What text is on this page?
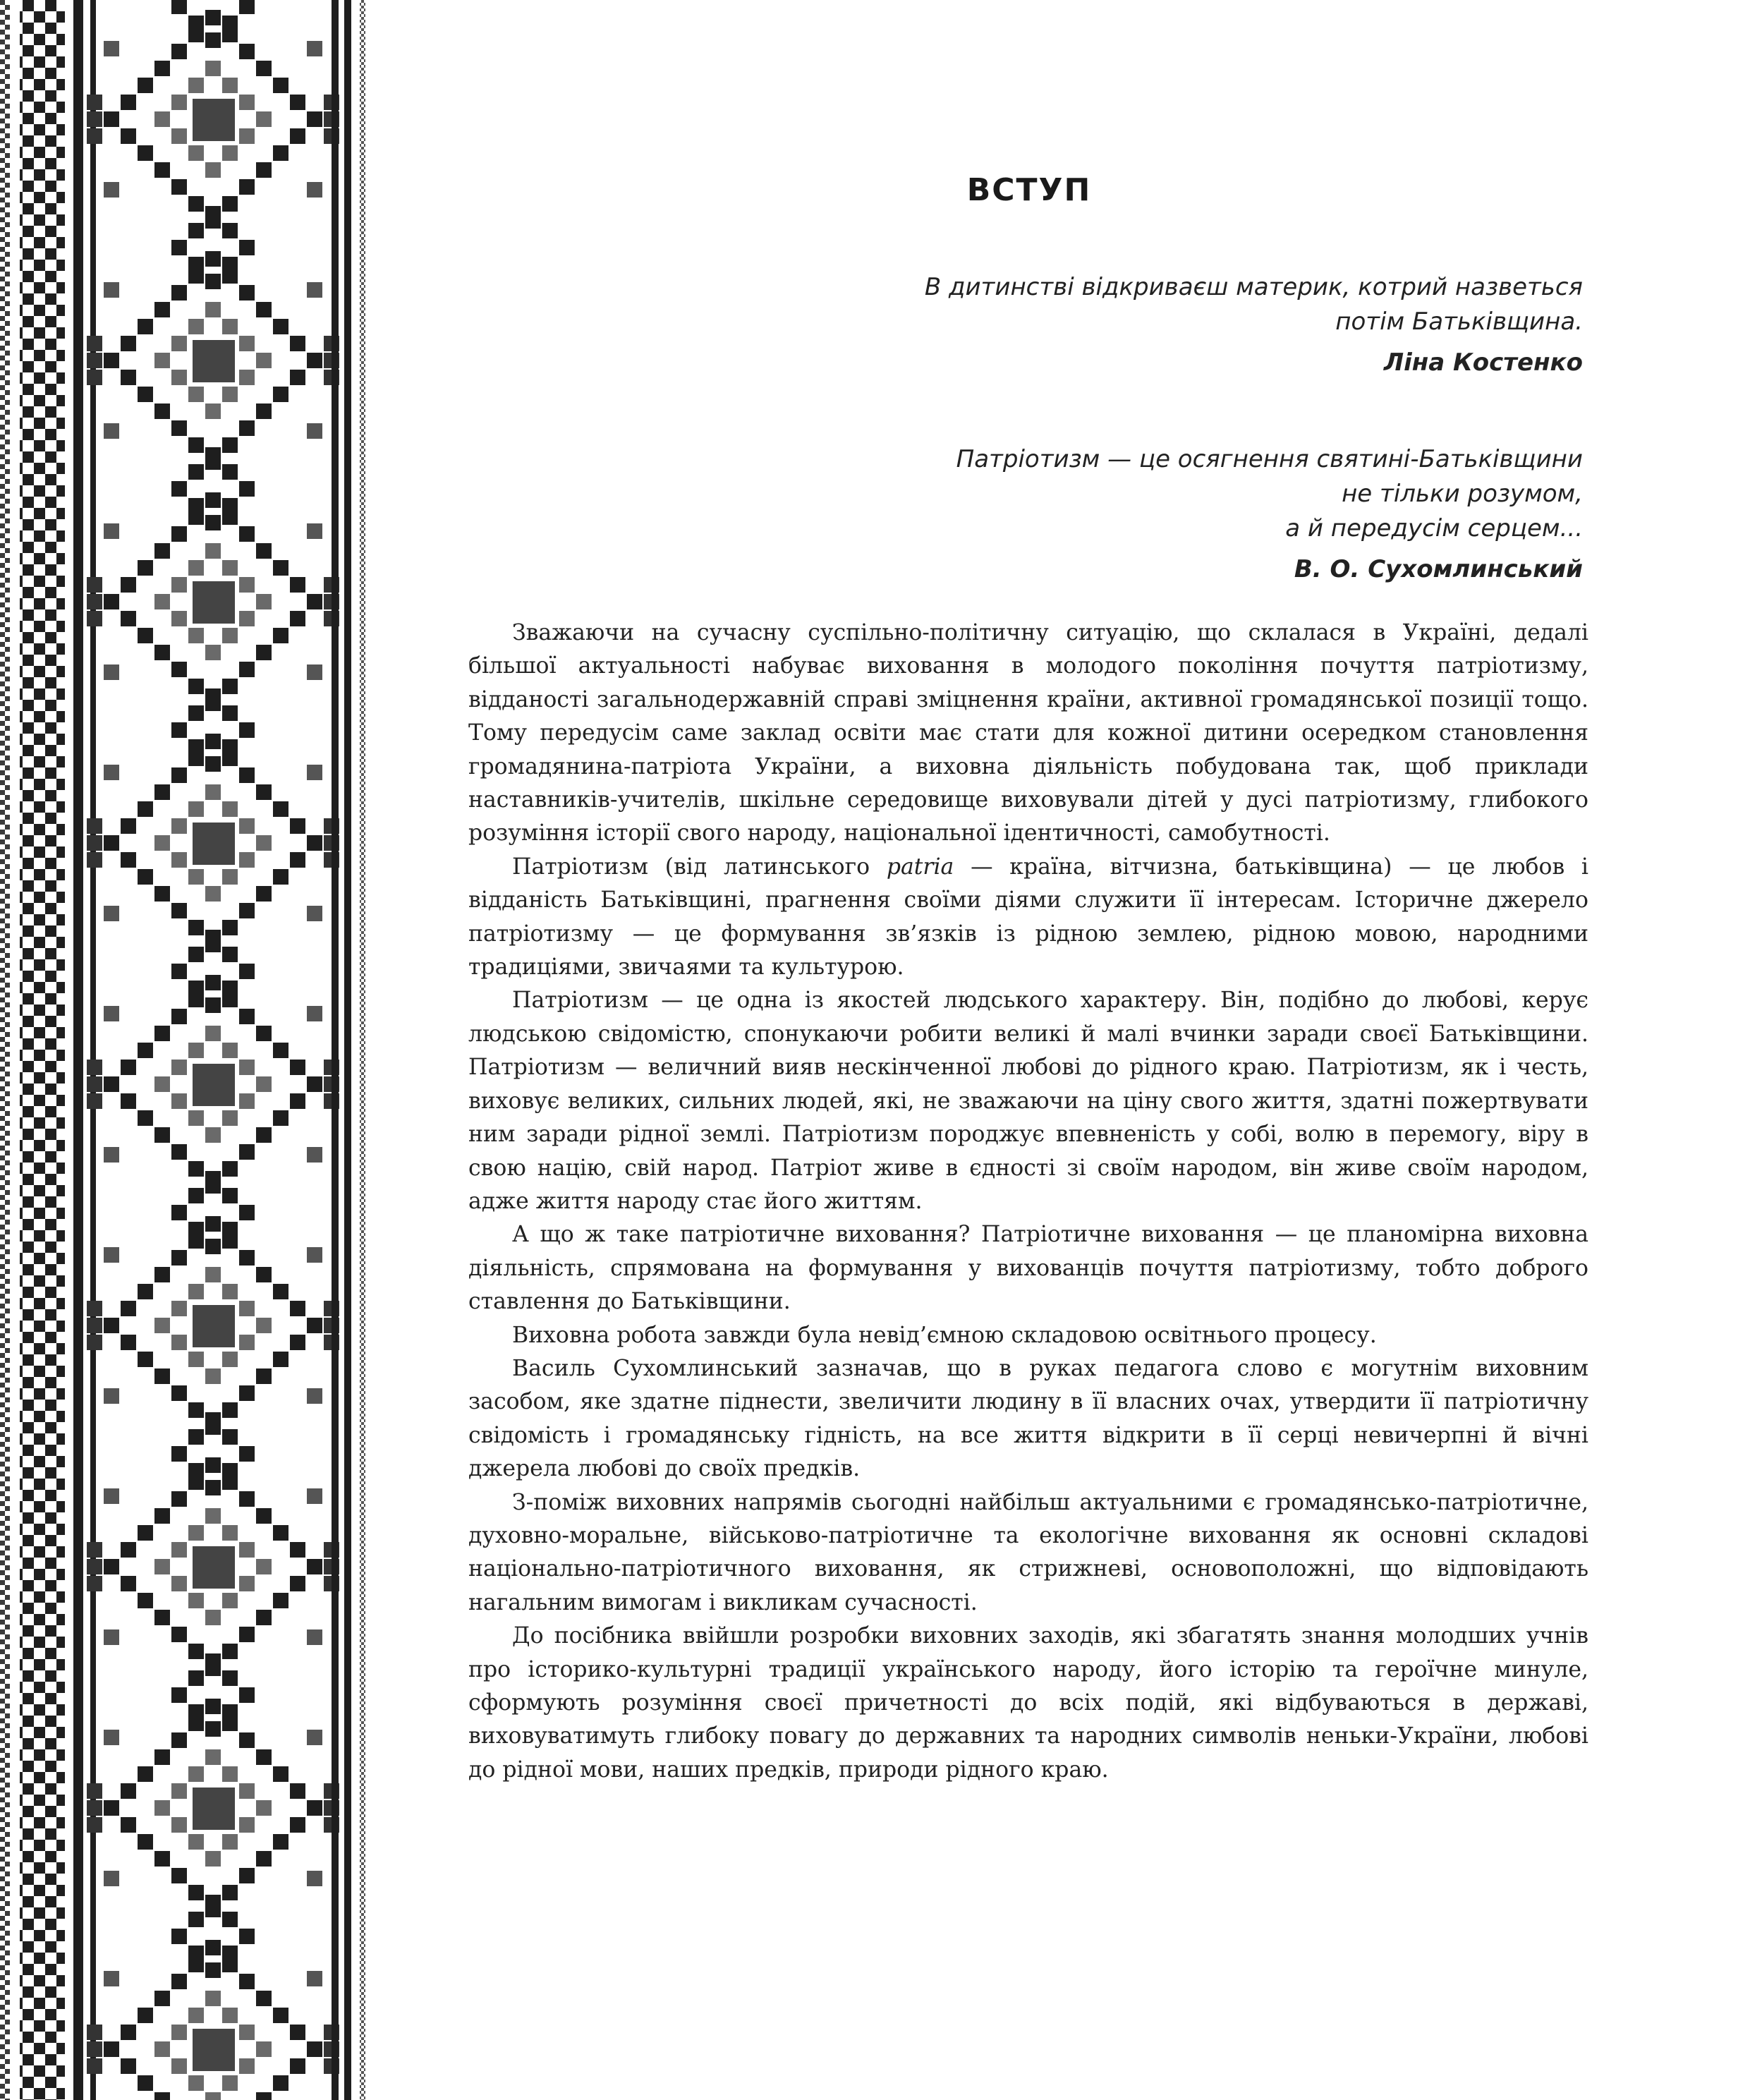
ВСТУП
В дитинстві відкриваєш материк, котрий назветься
потім Батьківщина.
Ліна Костенко
Патріотизм — це осягнення святині-Батьківщини
не тільки розумом,
а й передусім серцем...
В. О. Сухомлинський

Зважаючи на сучасну суспільно-політичну ситуацію, що склалася в Україні, дедалі більшої актуальності набуває виховання в молодого покоління почуття патріотизму, відданості загальнодержавній справі зміцнення країни, активної громадянської позиції тощо. Тому передусім саме заклад освіти має стати для кожної дитини осередком становлення громадянина-патріота України, а виховна діяльність побудована так, щоб приклади наставників-учителів, шкільне середовище виховували дітей у дусі патріотизму, глибокого розуміння історії свого народу, національної ідентичності, самобутності.

Патріотизм (від латинського patria — країна, вітчизна, батьківщина) — це любов і відданість Батьківщині, прагнення своїми діями служити її інтересам. Історичне джерело патріотизму — це формування зв’язків із рідною землею, рідною мовою, народними традиціями, звичаями та культурою.

Патріотизм — це одна із якостей людського характеру. Він, подібно до любові, керує людською свідомістю, спонукаючи робити великі й малі вчинки заради своєї Батьківщини. Патріотизм — величний вияв нескінченної любові до рідного краю. Патріотизм, як і честь, виховує великих, сильних людей, які, не зважаючи на ціну свого життя, здатні пожертвувати ним заради рідної землі. Патріотизм породжує впевненість у собі, волю в перемогу, віру в свою націю, свій народ. Патріот живе в єдності зі своїм народом, він живе своїм народом, адже життя народу стає його життям.

А що ж таке патріотичне виховання? Патріотичне виховання — це планомірна виховна діяльність, спрямована на формування у вихованців почуття патріотизму, тобто доброго ставлення до Батьківщини.

Виховна робота завжди була невід’ємною складовою освітнього процесу.

Василь Сухомлинський зазначав, що в руках педагога слово є могутнім виховним засобом, яке здатне піднести, звеличити людину в її власних очах, утвердити її патріотичну свідомість і громадянську гідність, на все життя відкрити в її серці невичерпні й вічні джерела любові до своїх предків.

З-поміж виховних напрямів сьогодні найбільш актуальними є громадянсько-патріотичне, духовно-моральне, військово-патріотичне та екологічне виховання як основні складові національно-патріотичного виховання, як стрижневі, основоположні, що відповідають нагальним вимогам і викликам сучасності.

До посібника ввійшли розробки виховних заходів, які збагатять знання молодших учнів про історико-культурні традиції українського народу, його історію та героїчне минуле, сформують розуміння своєї причетності до всіх подій, які відбуваються в державі, виховуватимуть глибоку повагу до державних та народних символів неньки-України, любові до рідної мови, наших предків, природи рідного краю.
